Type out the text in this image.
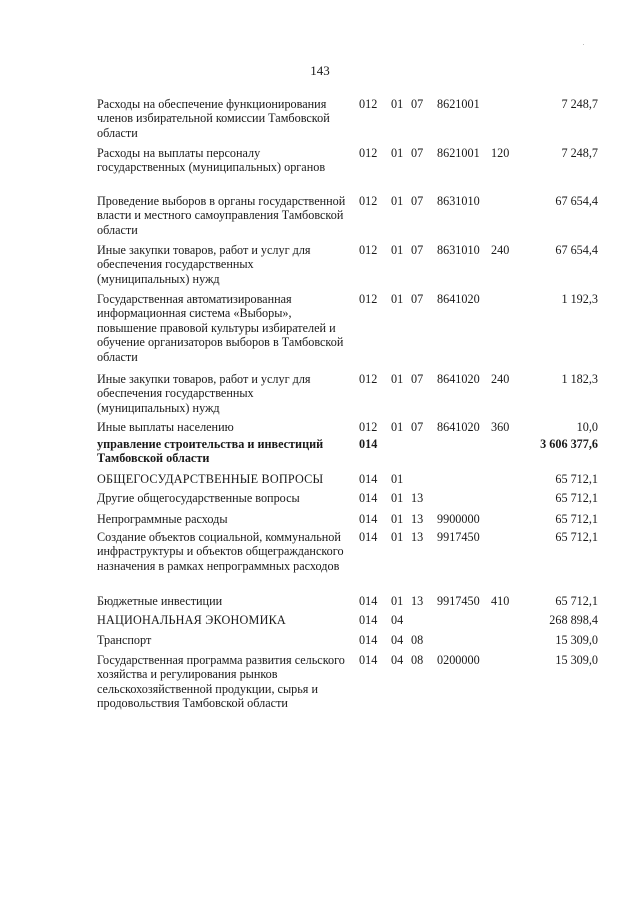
143
Расходы на обеспечение функционирования членов избирательной комиссии Тамбовской области
012 01 07 8621001	7 248,7
Расходы на выплаты персоналу государственных (муниципальных) органов
012 01 07 8621001 120	7 248,7
Проведение выборов в органы государственной власти и местного самоуправления Тамбовской области
012 01 07 8631010	67 654,4
Иные закупки товаров, работ и услуг для обеспечения государственных (муниципальных) нужд
012 01 07 8631010 240	67 654,4
Государственная автоматизированная информационная система «Выборы», повышение правовой культуры избирателей и обучение организаторов выборов в Тамбовской области
012 01 07 8641020	1 192,3
Иные закупки товаров, работ и услуг для обеспечения государственных (муниципальных) нужд
012 01 07 8641020 240	1 182,3
Иные выплаты населению	012 01 07 8641020 360	10,0
управление строительства и инвестиций Тамбовской области
014	3 606 377,6
ОБЩЕГОСУДАРСТВЕННЫЕ ВОПРОСЫ	014 01	65 712,1
Другие общегосударственные вопросы	014 01 13	65 712,1
Непрограммные расходы	014 01 13 9900000	65 712,1
Создание объектов социальной, коммунальной инфраструктуры и объектов общегражданского назначения в рамках непрограммных расходов
014 01 13 9917450	65 712,1
Бюджетные инвестиции	014 01 13 9917450 410	65 712,1
НАЦИОНАЛЬНАЯ ЭКОНОМИКА	014 04	268 898,4
Транспорт	014 04 08	15 309,0
Государственная программа развития сельского хозяйства и регулирования рынков сельскохозяйственной продукции, сырья и продовольствия Тамбовской области
014 04 08 0200000	15 309,0
